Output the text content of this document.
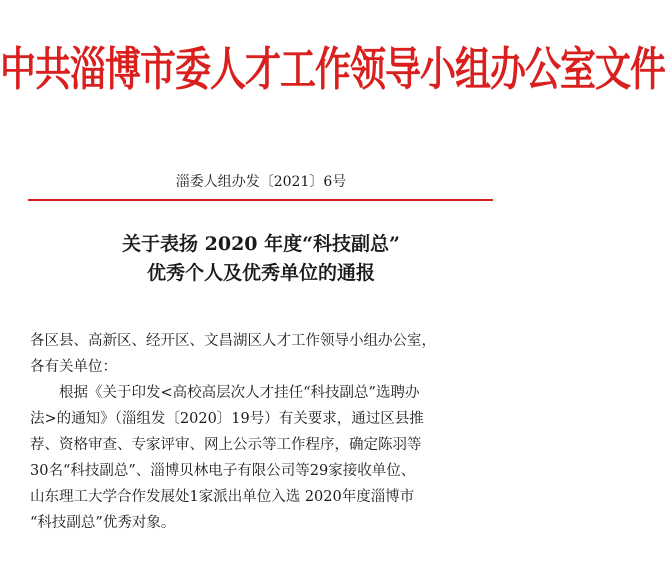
中共淄博市委人才工作领导小组办公室文件
淄委人组办发〔2021〕6号
关于表扬 2020 年度“科技副总”
优秀个人及优秀单位的通报
各区县、高新区、经开区、文昌湖区人才工作领导小组办公室，
各有关单位：
根据《关于印发<高校高层次人才挂任“科技副总”选聘办
法>的通知》（淄组发〔2020〕19号）有关要求，通过区县推
荐、资格审查、专家评审、网上公示等工作程序，确定陈羽等
30名“科技副总”、淄博贝林电子有限公司等29家接收单位、
山东理工大学合作发展处1家派出单位入选 2020年度淄博市
“科技副总”优秀对象。
